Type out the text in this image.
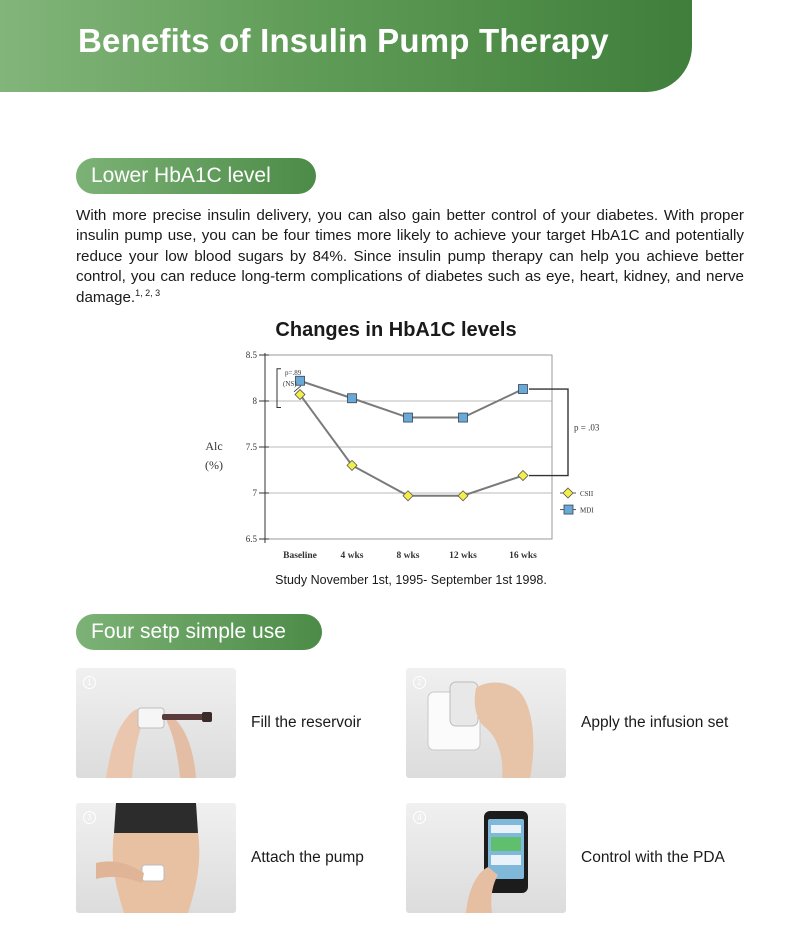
Benefits of Insulin Pump Therapy
Lower HbA1C level
With more precise insulin delivery, you can also gain better control of your diabetes. With proper insulin pump use, you can be four times more likely to achieve your target HbA1C and potentially reduce your low blood sugars by 84%. Since insulin pump therapy can help you achieve better control, you can reduce long-term complications of diabetes such as eye, heart, kidney, and nerve damage.$^{1, 2, 3}$
Changes in HbA1C levels
8.5
8
7.5
7
6.5
Baseline 4 wks	8 wks	12 wks	16 wks
Alc
(%)
p=.89
(NS)
p = .03
CSII
MDI
Study November 1st, 1995- September 1st 1998.
Four setp simple use
1
Fill the reservoir
2
Apply the infusion set
3
Attach the pump
4
Control with the PDA
